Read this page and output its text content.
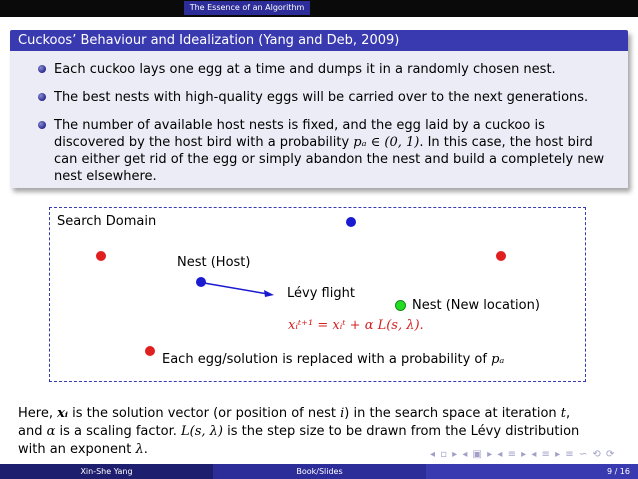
The Essence of an Algorithm
Cuckoos’ Behaviour and Idealization (Yang and Deb, 2009)
Each cuckoo lays one egg at a time and dumps it in a randomly chosen nest.
The best nests with high-quality eggs will be carried over to the next generations.
The number of available host nests is fixed, and the egg laid by a cuckoo is
discovered by the host bird with a probability pₐ ∈ (0, 1). In this case, the host bird
can either get rid of the egg or simply abandon the nest and build a completely new
nest elsewhere.
Search Domain
Nest (Host)
Lévy flight
Nest (New location)
xᵢᵗ⁺¹ = xᵢᵗ + α L(s, λ).
Each egg/solution is replaced with a probability of pₐ
Here, xᵢ is the solution vector (or position of nest i) in the search space at iteration t,
and α is a scaling factor. L(s, λ) is the step size to be drawn from the Lévy distribution
with an exponent λ.	◂ ▫ ▸ ◂ ▣ ▸ ◂ ≡ ▸ ◂ ≡ ▸ ≡ ∽ ⟲ ⟳
Xin-She Yang	Book/Slides	9 / 16
